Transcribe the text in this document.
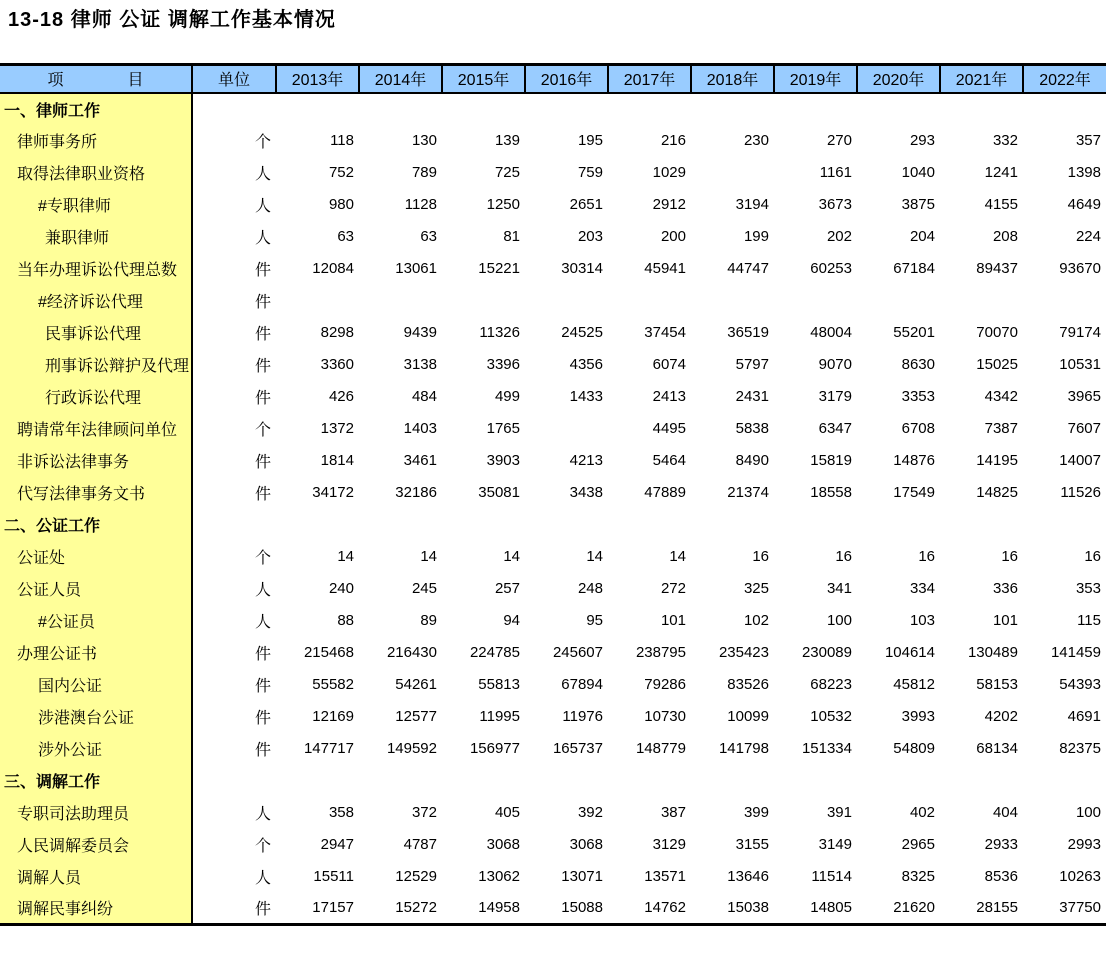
13-18 律师 公证 调解工作基本情况
项　　　　目	单位	2013年	2014年	2015年	2016年	2017年	2018年	2019年	2020年	2021年	2022年
一、律师工作											
律师事务所	个	118	130	139	195	216	230	270	293	332	357
取得法律职业资格	人	752	789	725	759	1029		1161	1040	1241	1398
#专职律师	人	980	1128	1250	2651	2912	3194	3673	3875	4155	4649
兼职律师	人	63	63	81	203	200	199	202	204	208	224
当年办理诉讼代理总数	件	12084	13061	15221	30314	45941	44747	60253	67184	89437	93670
#经济诉讼代理	件										
民事诉讼代理	件	8298	9439	11326	24525	37454	36519	48004	55201	70070	79174
刑事诉讼辩护及代理	件	3360	3138	3396	4356	6074	5797	9070	8630	15025	10531
行政诉讼代理	件	426	484	499	1433	2413	2431	3179	3353	4342	3965
聘请常年法律顾问单位	个	1372	1403	1765		4495	5838	6347	6708	7387	7607
非诉讼法律事务	件	1814	3461	3903	4213	5464	8490	15819	14876	14195	14007
代写法律事务文书	件	34172	32186	35081	3438	47889	21374	18558	17549	14825	11526
二、公证工作											
公证处	个	14	14	14	14	14	16	16	16	16	16
公证人员	人	240	245	257	248	272	325	341	334	336	353
#公证员	人	88	89	94	95	101	102	100	103	101	115
办理公证书	件	215468	216430	224785	245607	238795	235423	230089	104614	130489	141459
国内公证	件	55582	54261	55813	67894	79286	83526	68223	45812	58153	54393
涉港澳台公证	件	12169	12577	11995	11976	10730	10099	10532	3993	4202	4691
涉外公证	件	147717	149592	156977	165737	148779	141798	151334	54809	68134	82375
三、调解工作											
专职司法助理员	人	358	372	405	392	387	399	391	402	404	100
人民调解委员会	个	2947	4787	3068	3068	3129	3155	3149	2965	2933	2993
调解人员	人	15511	12529	13062	13071	13571	13646	11514	8325	8536	10263
调解民事纠纷	件	17157	15272	14958	15088	14762	15038	14805	21620	28155	37750
